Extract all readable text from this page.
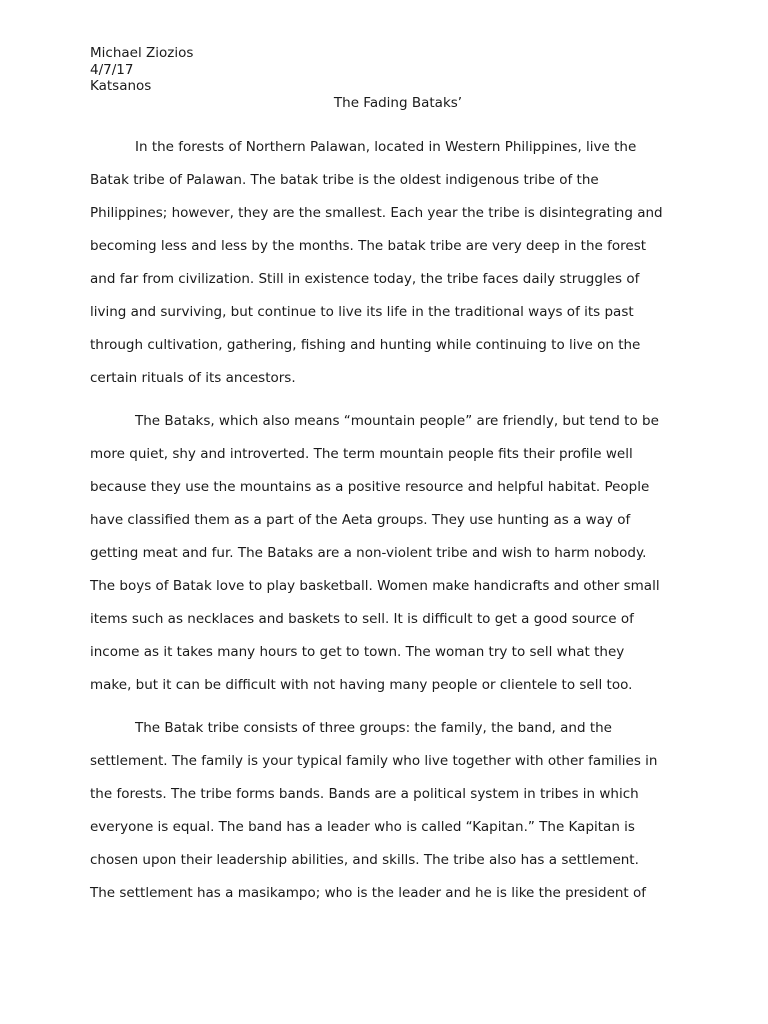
Michael Ziozios
4/7/17
Katsanos
The Fading Bataks’
In the forests of Northern Palawan, located in Western Philippines, live the
Batak tribe of Palawan. The batak tribe is the oldest indigenous tribe of the
Philippines; however, they are the smallest. Each year the tribe is disintegrating and
becoming less and less by the months. The batak tribe are very deep in the forest
and far from civilization. Still in existence today, the tribe faces daily struggles of
living and surviving, but continue to live its life in the traditional ways of its past
through cultivation, gathering, fishing and hunting while continuing to live on the
certain rituals of its ancestors.
The Bataks, which also means “mountain people” are friendly, but tend to be
more quiet, shy and introverted. The term mountain people fits their profile well
because they use the mountains as a positive resource and helpful habitat. People
have classified them as a part of the Aeta groups. They use hunting as a way of
getting meat and fur. The Bataks are a non-violent tribe and wish to harm nobody.
The boys of Batak love to play basketball. Women make handicrafts and other small
items such as necklaces and baskets to sell. It is difficult to get a good source of
income as it takes many hours to get to town. The woman try to sell what they
make, but it can be difficult with not having many people or clientele to sell too.
The Batak tribe consists of three groups: the family, the band, and the
settlement. The family is your typical family who live together with other families in
the forests. The tribe forms bands. Bands are a political system in tribes in which
everyone is equal. The band has a leader who is called “Kapitan.” The Kapitan is
chosen upon their leadership abilities, and skills. The tribe also has a settlement.
The settlement has a masikampo; who is the leader and he is like the president of
